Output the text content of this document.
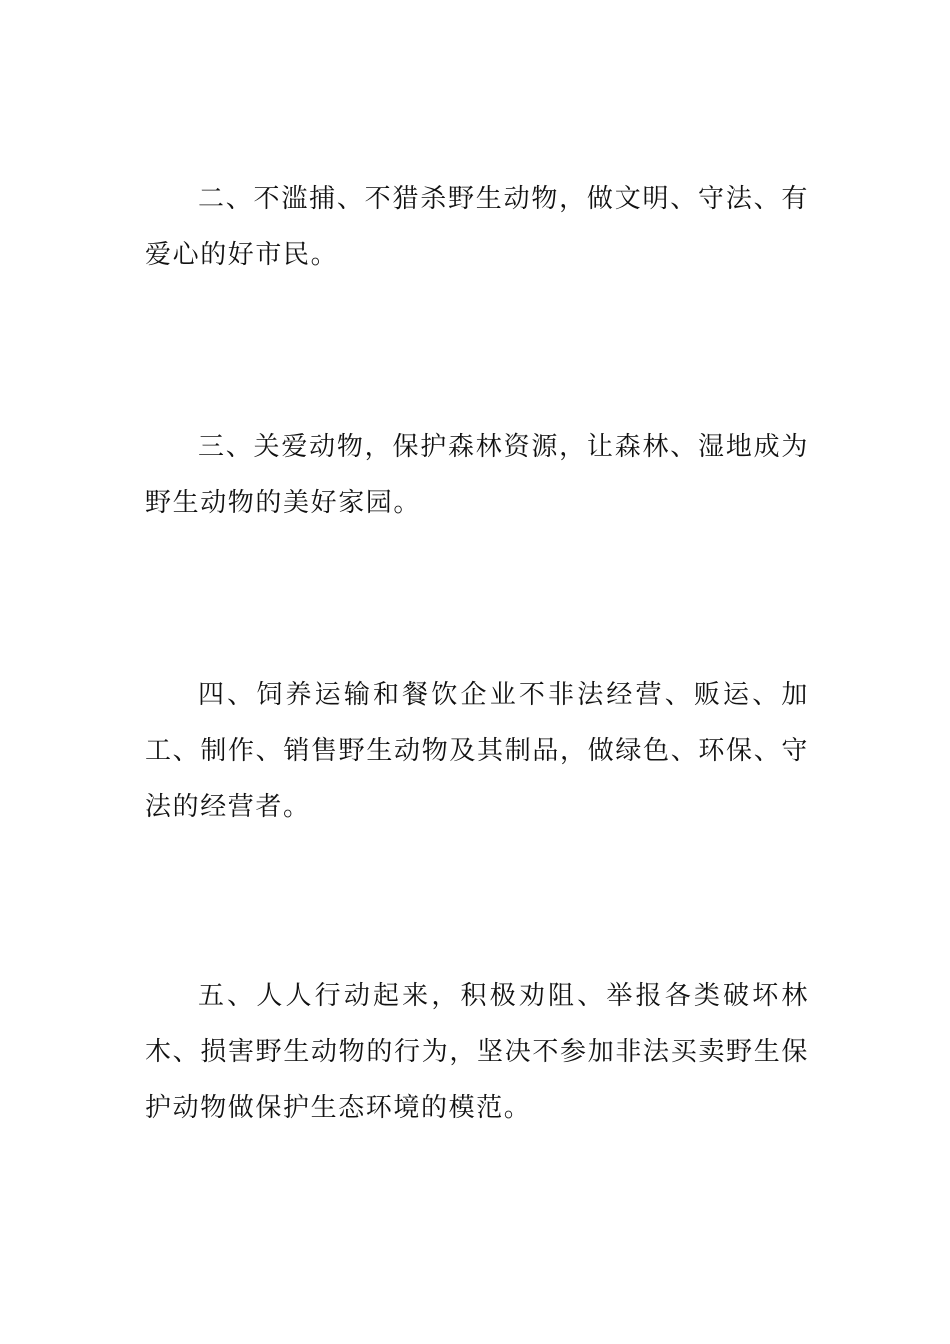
二、不滥捕、不猎杀野生动物，做文明、守法、有爱心的好市民。

三、关爱动物，保护森林资源，让森林、湿地成为野生动物的美好家园。

四、饲养运输和餐饮企业不非法经营、贩运、加工、制作、销售野生动物及其制品，做绿色、环保、守法的经营者。

五、人人行动起来，积极劝阻、举报各类破坏林木、损害野生动物的行为，坚决不参加非法买卖野生保护动物做保护生态环境的模范。
